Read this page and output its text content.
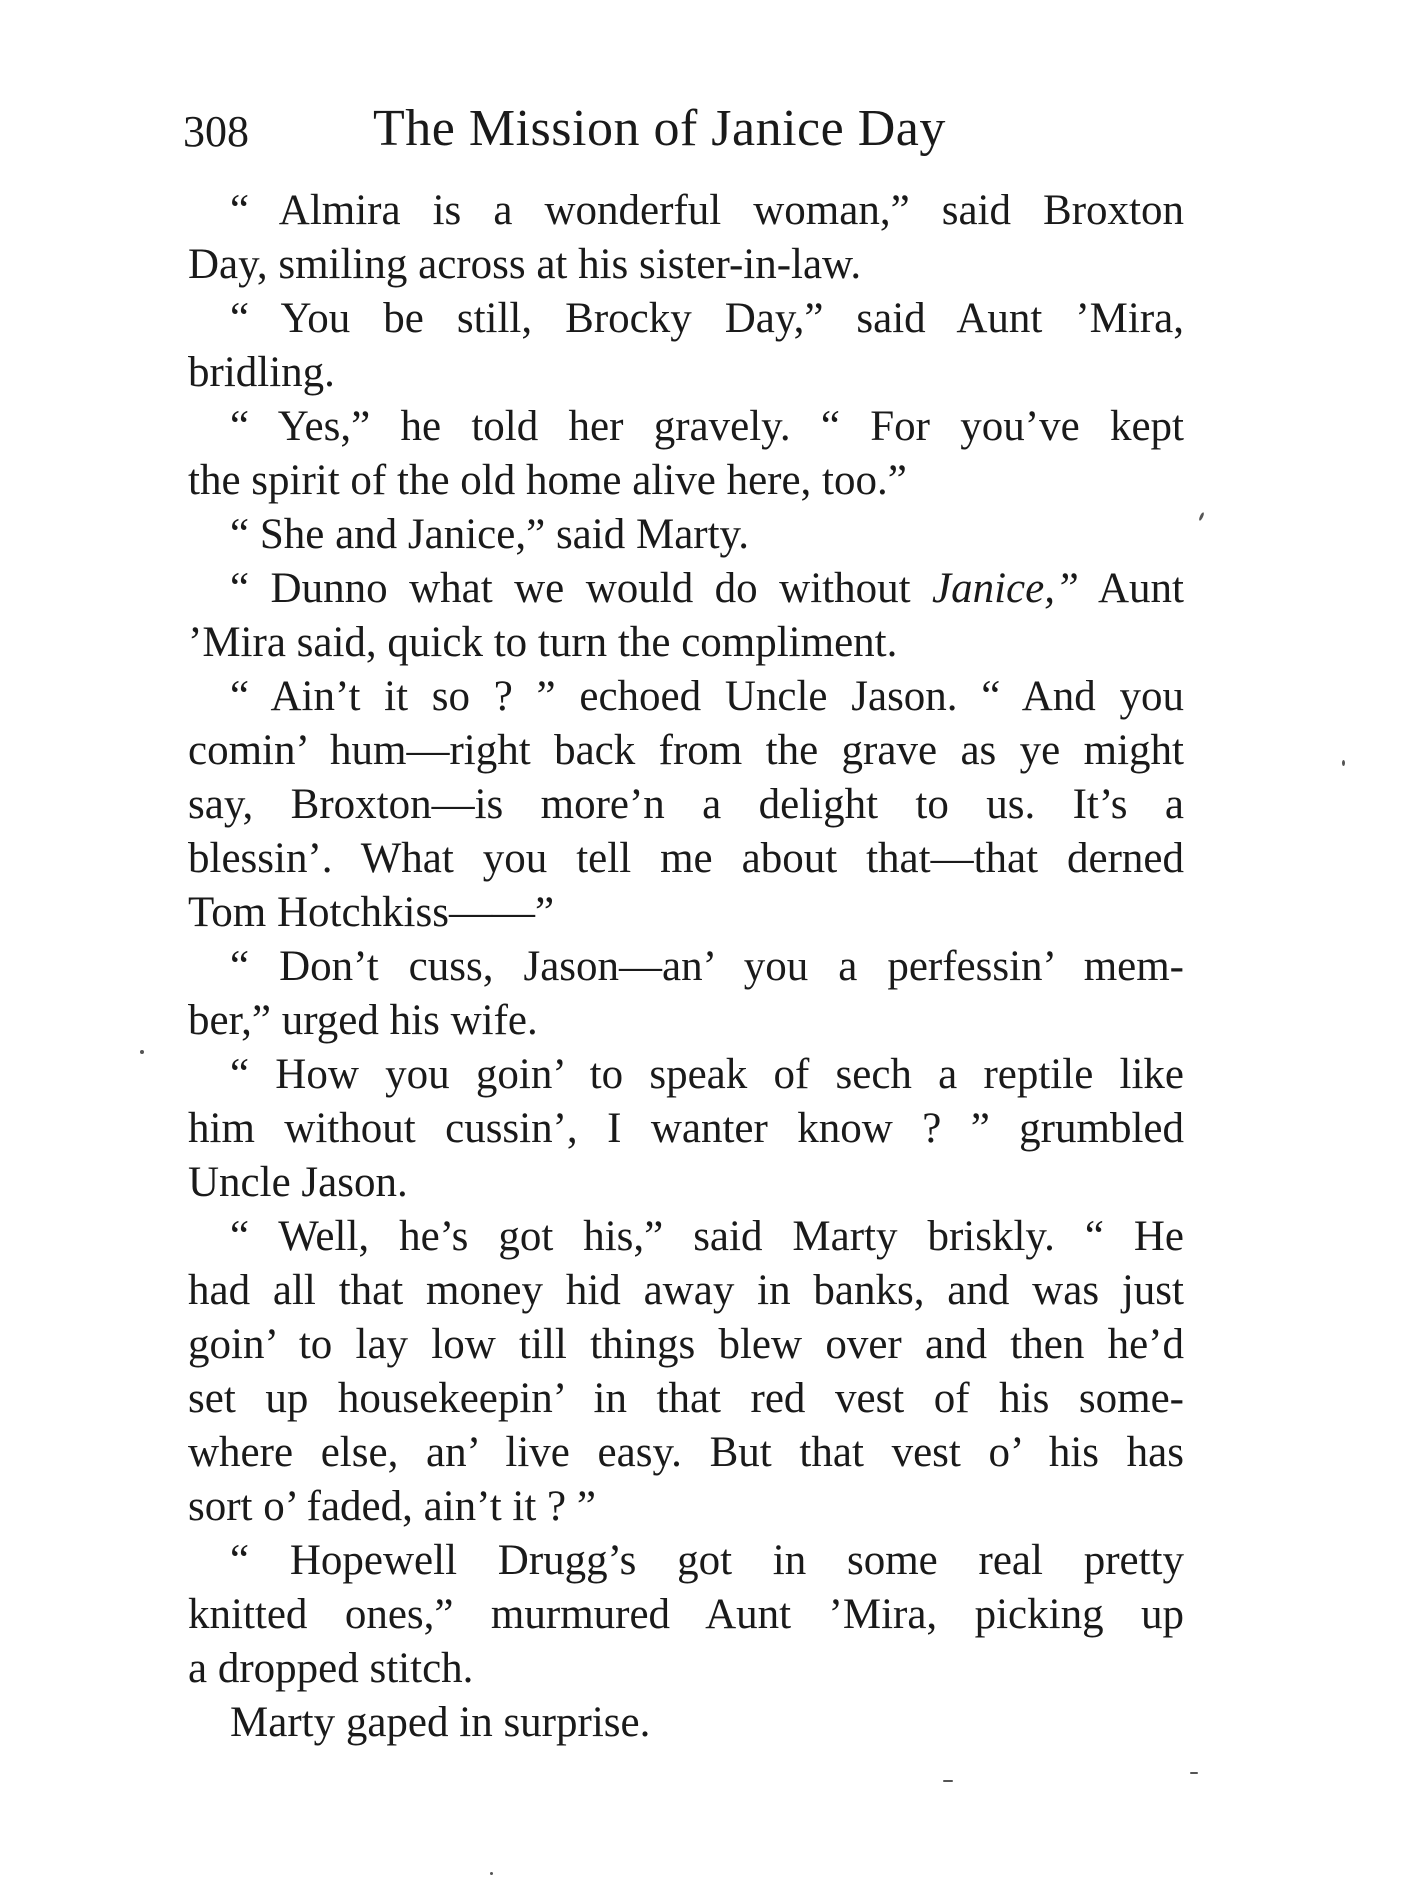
308 The Mission of Janice Day

“ Almira is a wonderful woman,” said Broxton
Day, smiling across at his sister-in-law.

“ You be still, Brocky Day,” said Aunt ’Mira,
bridling.

“ Yes,” he told her gravely. “ For you’ve kept
the spirit of the old home alive here, too.”

“ She and Janice,” said Marty.

“ Dunno what we would do without Janice,” Aunt
’Mira said, quick to turn the compliment.

“ Ain’t it so ? ” echoed Uncle Jason. “ And you
comin’ hum—right back from the grave as ye might
say, Broxton—is more’n a delight to us. It’s a
blessin’. What you tell me about that—that derned
Tom Hotchkiss——”

“ Don’t cuss, Jason—an’ you a perfessin’ mem-
ber,” urged his wife.

“ How you goin’ to speak of sech a reptile like
him without cussin’, I wanter know ? ” grumbled
Uncle Jason.

“ Well, he’s got his,” said Marty briskly. “ He
had all that money hid away in banks, and was just
goin’ to lay low till things blew over and then he’d
set up housekeepin’ in that red vest of his some-
where else, an’ live easy. But that vest o’ his has
sort o’ faded, ain’t it ? ”

“ Hopewell Drugg’s got in some real pretty
knitted ones,” murmured Aunt ’Mira, picking up
a dropped stitch.

Marty gaped in surprise.
